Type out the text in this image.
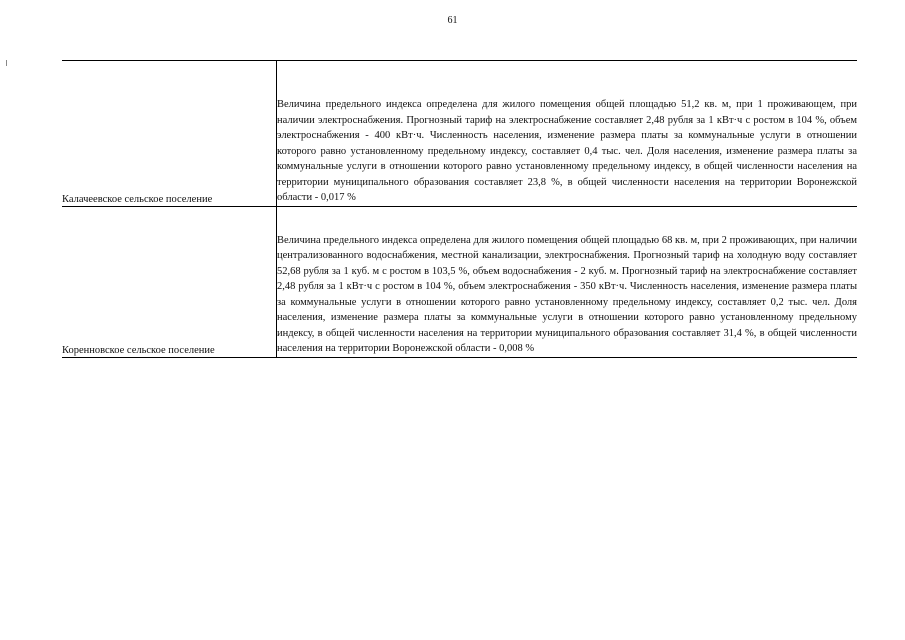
61
Калачеевское сельское поселение	Величина предельного индекса определена для жилого помещения общей площадью 51,2 кв. м, при 1 проживающем, при наличии электроснабжения. Прогнозный тариф на электроснабжение составляет 2,48 рубля за 1 кВт·ч с ростом в 104 %, объем электроснабжения - 400 кВт·ч. Численность населения, изменение размера платы за коммунальные услуги в отношении которого равно установленному предельному индексу, составляет 0,4 тыс. чел. Доля населения, изменение размера платы за коммунальные услуги в отношении которого равно установленному предельному индексу, в общей численности населения на территории муниципального образования составляет 23,8 %, в общей численности населения на территории Воронежской области - 0,017 %
Коренновское сельское поселение	Величина предельного индекса определена для жилого помещения общей площадью 68 кв. м, при 2 проживающих, при наличии централизованного водоснабжения, местной канализации, электроснабжения. Прогнозный тариф на холодную воду составляет 52,68 рубля за 1 куб. м с ростом в 103,5 %, объем водоснабжения - 2 куб. м. Прогнозный тариф на электроснабжение составляет 2,48 рубля за 1 кВт·ч с ростом в 104 %, объем электроснабжения - 350 кВт·ч. Численность населения, изменение размера платы за коммунальные услуги в отношении которого равно установленному предельному индексу, составляет 0,2 тыс. чел. Доля населения, изменение размера платы за коммунальные услуги в отношении которого равно установленному предельному индексу, в общей численности населения на территории муниципального образования составляет 31,4 %, в общей численности населения на территории Воронежской области - 0,008 %
